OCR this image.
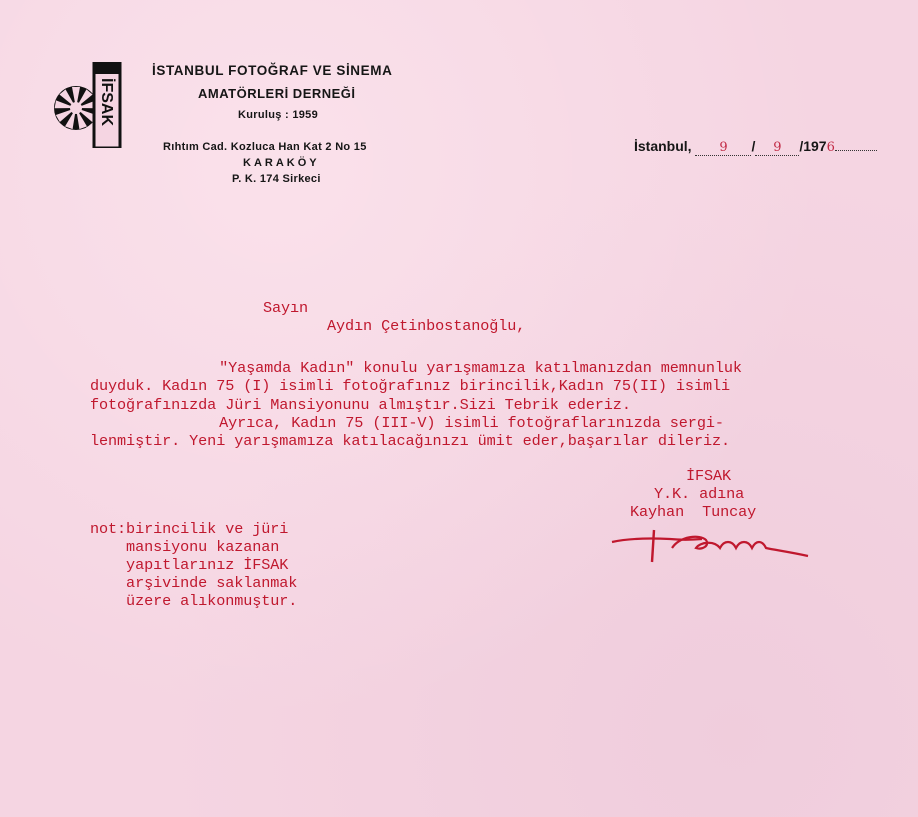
İFSAK
İSTANBUL FOTOĞRAF VE SİNEMA
AMATÖRLERİ DERNEĞİ
Kuruluş : 1959
Rıhtım Cad. Kozluca Han Kat 2 No 15
KARAKÖY
P. K. 174 Sirkeci
İstanbul, 9 / 9 /1976
Sayın
Aydın Çetinbostanoğlu,
"Yaşamda Kadın" konulu yarışmamıza katılmanızdan memnunluk
duyduk. Kadın 75 (I) isimli fotoğrafınız birincilik,Kadın 75(II) isimli
fotoğrafınızda Jüri Mansiyonunu almıştır.Sizi Tebrik ederiz.
Ayrıca, Kadın 75 (III-V) isimli fotoğraflarınızda sergi-
lenmiştir. Yeni yarışmamıza katılacağınızı ümit eder,başarılar dileriz.
İFSAK
Y.K. adına
Kayhan  Tuncay
not:birincilik ve jüri
mansiyonu kazanan
yapıtlarınız İFSAK
arşivinde saklanmak
üzere alıkonmuştur.
